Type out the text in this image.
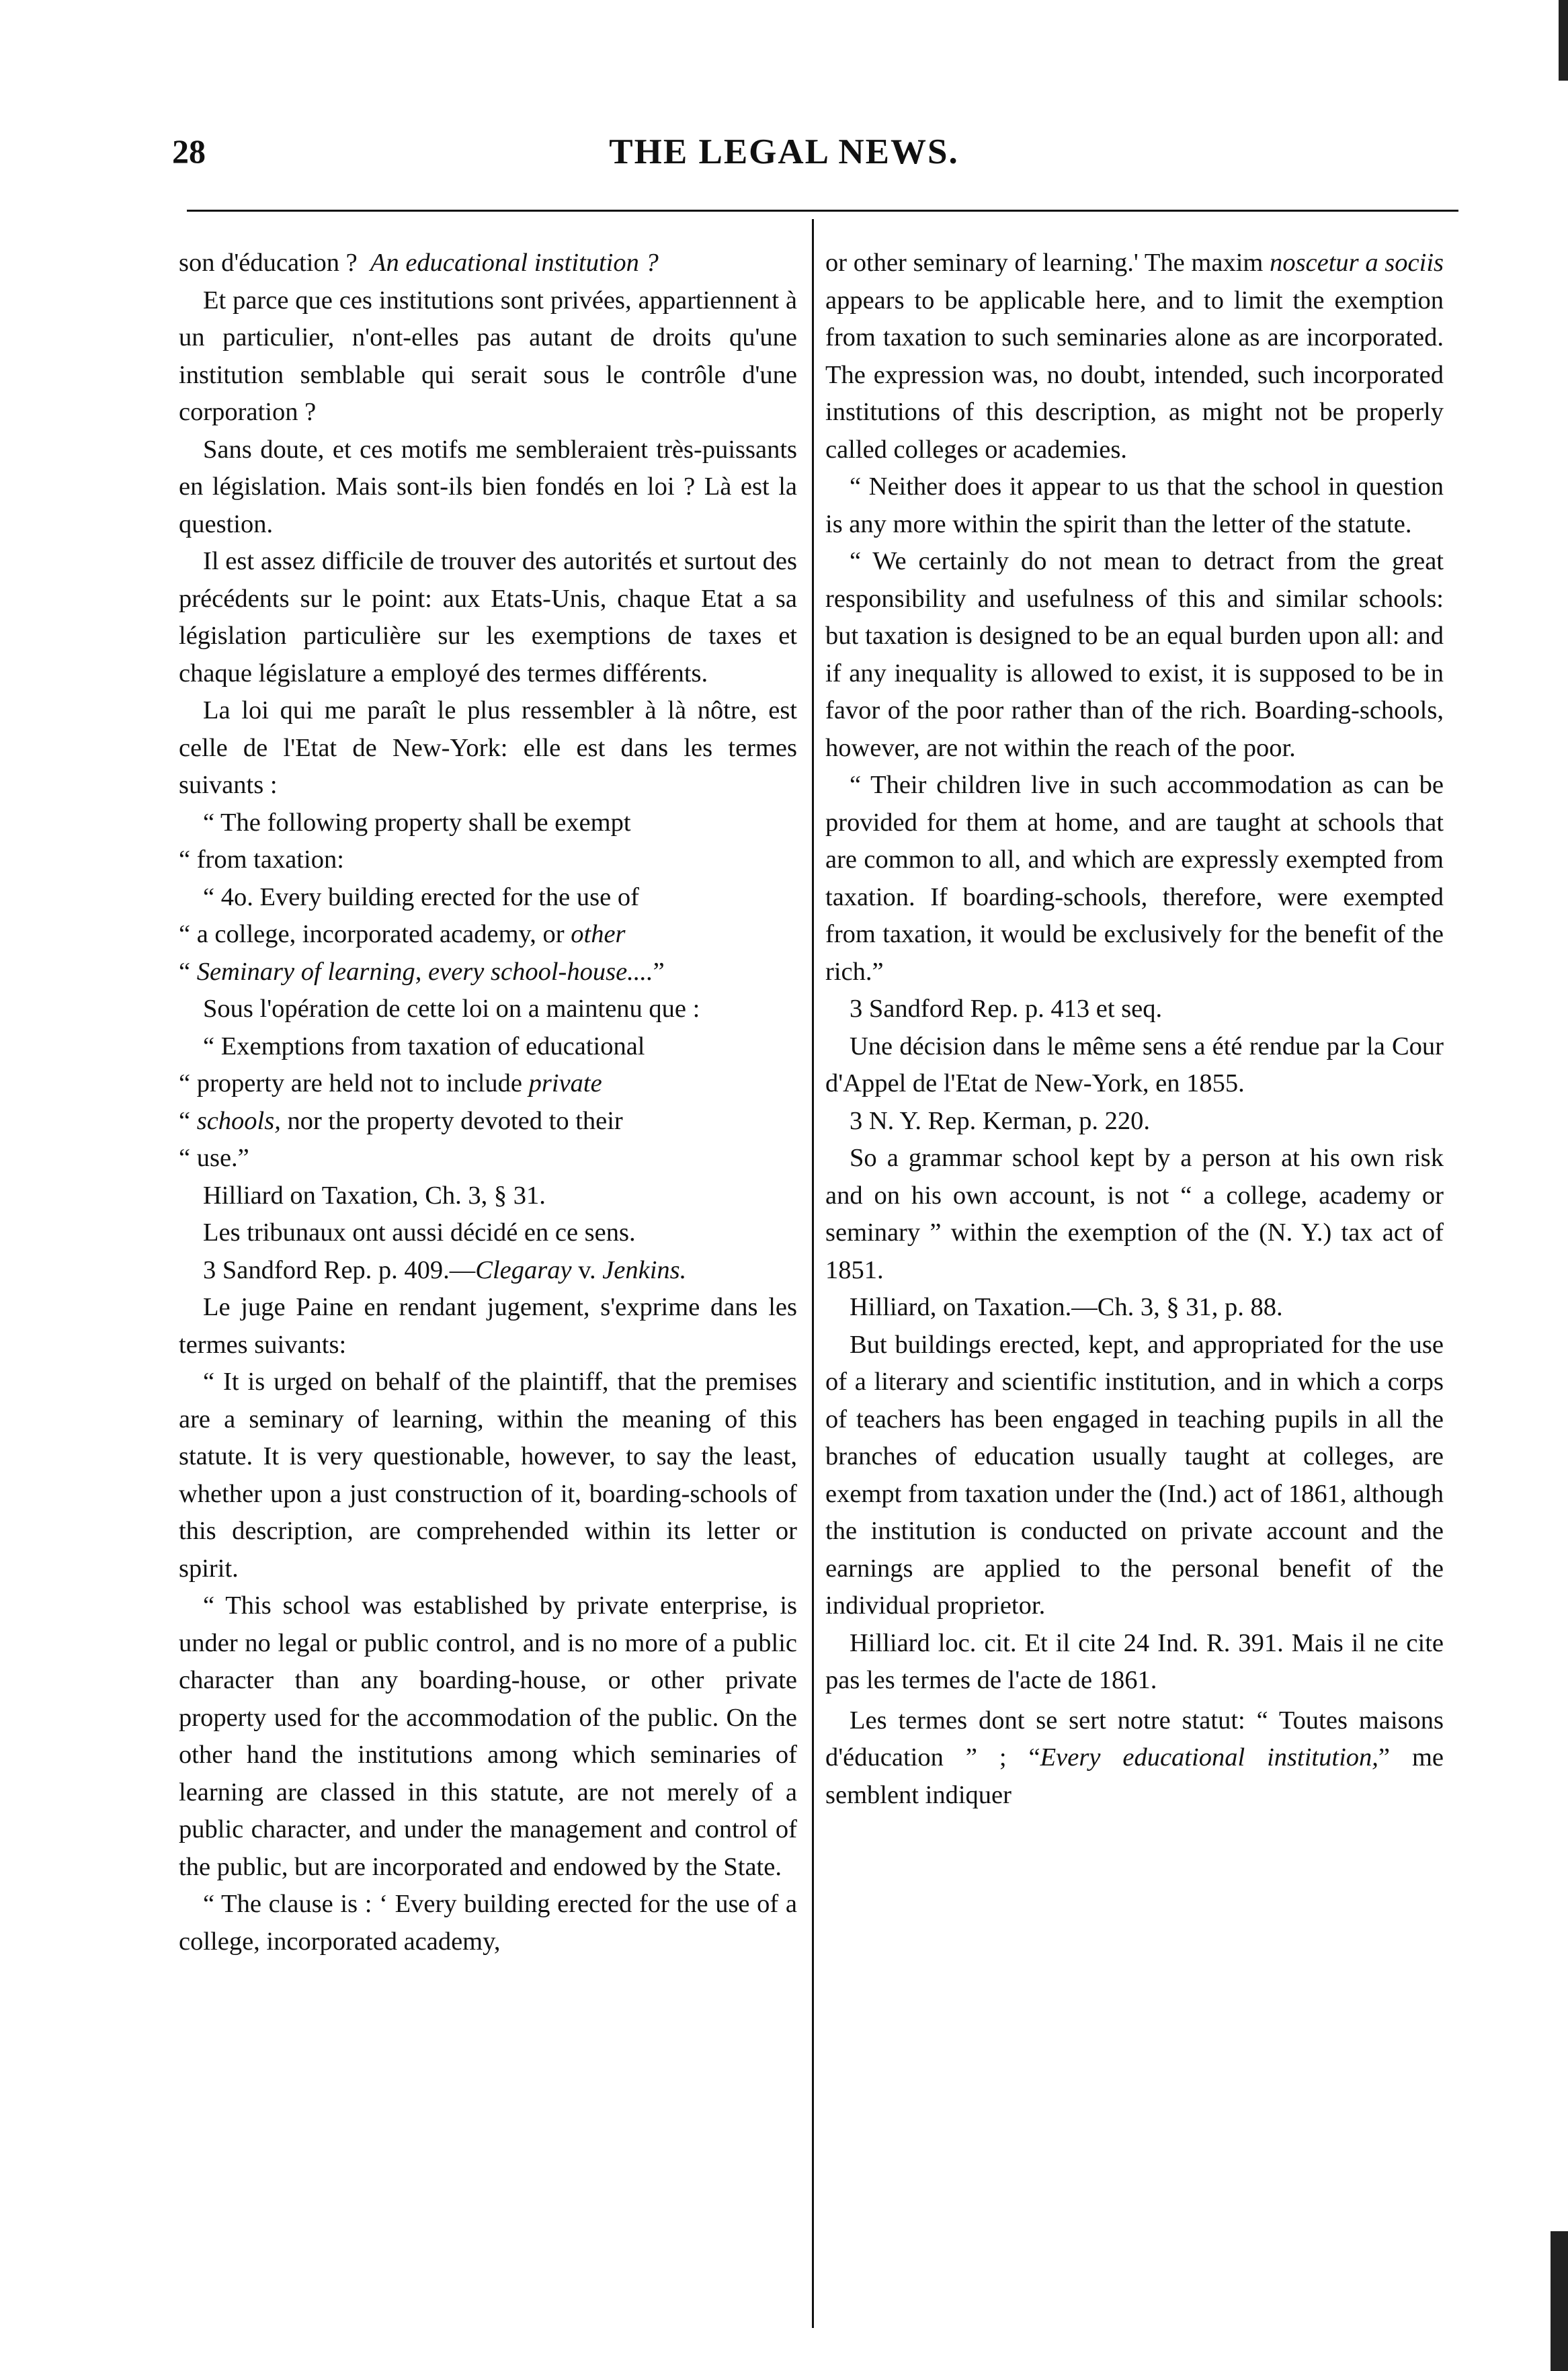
28	THE LEGAL NEWS.

son d'éducation ? An educational institution ?

Et parce que ces institutions sont privées, appartiennent à un particulier, n'ont-elles pas autant de droits qu'une institution semblable qui serait sous le contrôle d'une corporation ?

Sans doute, et ces motifs me sembleraient très-puissants en législation. Mais sont-ils bien fondés en loi ? Là est la question.

Il est assez difficile de trouver des autorités et surtout des précédents sur le point: aux Etats-Unis, chaque Etat a sa législation particulière sur les exemptions de taxes et chaque législature a employé des termes différents.

La loi qui me paraît le plus ressembler à là nôtre, est celle de l'Etat de New-York: elle est dans les termes suivants :

“ The following property shall be exempt

“ from taxation:

“ 4o. Every building erected for the use of

“ a college, incorporated academy, or other

“ Seminary of learning, every school-house....”

Sous l'opération de cette loi on a maintenu que :

“ Exemptions from taxation of educational

“ property are held not to include private

“ schools, nor the property devoted to their

“ use.”

Hilliard on Taxation, Ch. 3, § 31.

Les tribunaux ont aussi décidé en ce sens.

3 Sandford Rep. p. 409.—Clegaray v. Jenkins.

Le juge Paine en rendant jugement, s'exprime dans les termes suivants:

“ It is urged on behalf of the plaintiff, that the premises are a seminary of learning, within the meaning of this statute. It is very questionable, however, to say the least, whether upon a just construction of it, boarding-schools of this description, are comprehended within its letter or spirit.

“ This school was established by private enterprise, is under no legal or public control, and is no more of a public character than any boarding-house, or other private property used for the accommodation of the public. On the other hand the institutions among which seminaries of learning are classed in this statute, are not merely of a public character, and under the management and control of the public, but are incorporated and endowed by the State.

“ The clause is : ‘ Every building erected for the use of a college, incorporated academy,

or other seminary of learning.' The maxim noscetur a sociis appears to be applicable here, and to limit the exemption from taxation to such seminaries alone as are incorporated. The expression was, no doubt, intended, such incorporated institutions of this description, as might not be properly called colleges or academies.

“ Neither does it appear to us that the school in question is any more within the spirit than the letter of the statute.

“ We certainly do not mean to detract from the great responsibility and usefulness of this and similar schools: but taxation is designed to be an equal burden upon all: and if any inequality is allowed to exist, it is supposed to be in favor of the poor rather than of the rich. Boarding-schools, however, are not within the reach of the poor.

“ Their children live in such accommodation as can be provided for them at home, and are taught at schools that are common to all, and which are expressly exempted from taxation. If boarding-schools, therefore, were exempted from taxation, it would be exclusively for the benefit of the rich.”

3 Sandford Rep. p. 413 et seq.

Une décision dans le même sens a été rendue par la Cour d'Appel de l'Etat de New-York, en 1855.

3 N. Y. Rep. Kerman, p. 220.

So a grammar school kept by a person at his own risk and on his own account, is not “ a college, academy or seminary ” within the exemption of the (N. Y.) tax act of 1851.

Hilliard, on Taxation.—Ch. 3, § 31, p. 88.

But buildings erected, kept, and appropriated for the use of a literary and scientific institution, and in which a corps of teachers has been engaged in teaching pupils in all the branches of education usually taught at colleges, are exempt from taxation under the (Ind.) act of 1861, although the institution is conducted on private account and the earnings are applied to the personal benefit of the individual proprietor.

Hilliard loc. cit. Et il cite 24 Ind. R. 391. Mais il ne cite pas les termes de l'acte de 1861.

Les termes dont se sert notre statut: “ Toutes maisons d'éducation ” ; “Every educational institution,” me semblent indiquer
